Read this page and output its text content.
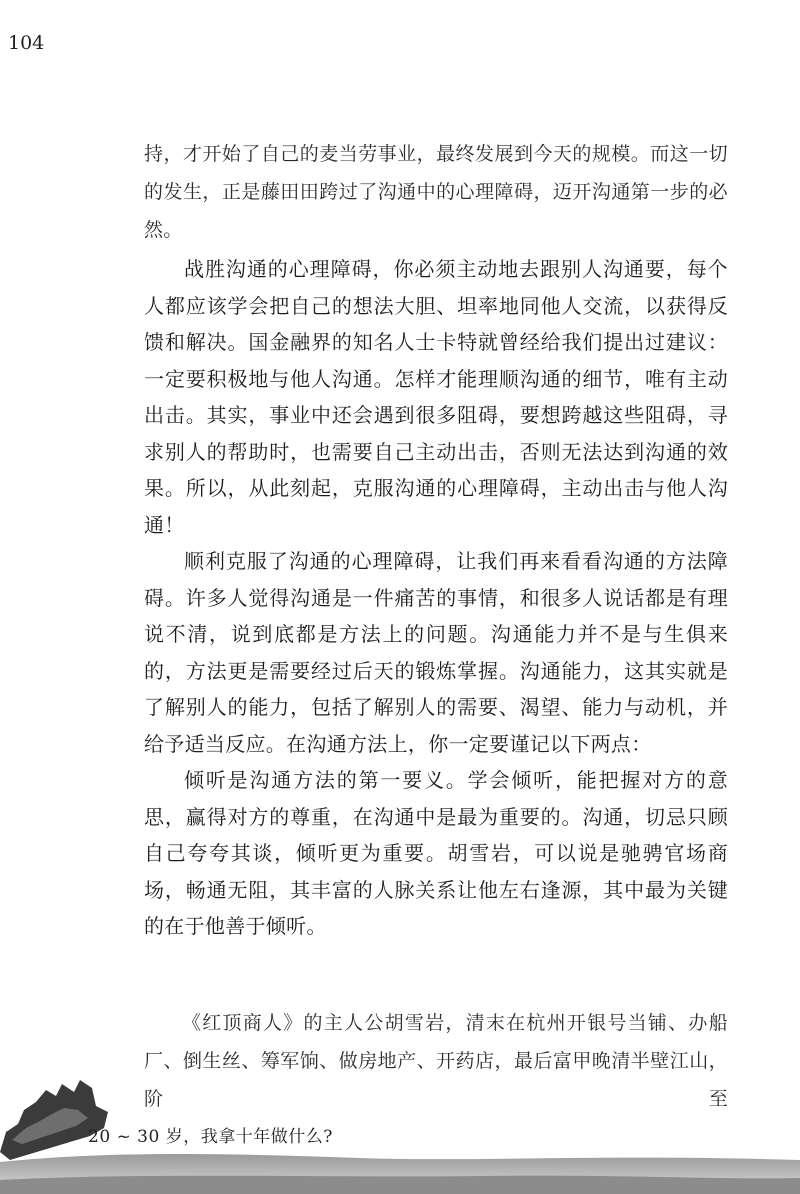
104

持，才开始了自己的麦当劳事业，最终发展到今天的规模。而这一切的发生，正是藤田田跨过了沟通中的心理障碍，迈开沟通第一步的必然。

战胜沟通的心理障碍，你必须主动地去跟别人沟通要，每个人都应该学会把自己的想法大胆、坦率地同他人交流，以获得反馈和解决。国金融界的知名人士卡特就曾经给我们提出过建议：一定要积极地与他人沟通。怎样才能理顺沟通的细节，唯有主动出击。其实，事业中还会遇到很多阻碍，要想跨越这些阻碍，寻求别人的帮助时，也需要自己主动出击，否则无法达到沟通的效果。所以，从此刻起，克服沟通的心理障碍，主动出击与他人沟通！

顺利克服了沟通的心理障碍，让我们再来看看沟通的方法障碍。许多人觉得沟通是一件痛苦的事情，和很多人说话都是有理说不清，说到底都是方法上的问题。沟通能力并不是与生俱来的，方法更是需要经过后天的锻炼掌握。沟通能力，这其实就是了解别人的能力，包括了解别人的需要、渴望、能力与动机，并给予适当反应。在沟通方法上，你一定要谨记以下两点：

倾听是沟通方法的第一要义。学会倾听，能把握对方的意思，赢得对方的尊重，在沟通中是最为重要的。沟通，切忌只顾自己夸夸其谈，倾听更为重要。胡雪岩，可以说是驰骋官场商场，畅通无阻，其丰富的人脉关系让他左右逢源，其中最为关键的在于他善于倾听。

《红顶商人》的主人公胡雪岩，清末在杭州开银号当铺、办船厂、倒生丝、筹军饷、做房地产、开药店，最后富甲晚清半壁江山，阶至

20 ~ 30 岁，我拿十年做什么?
